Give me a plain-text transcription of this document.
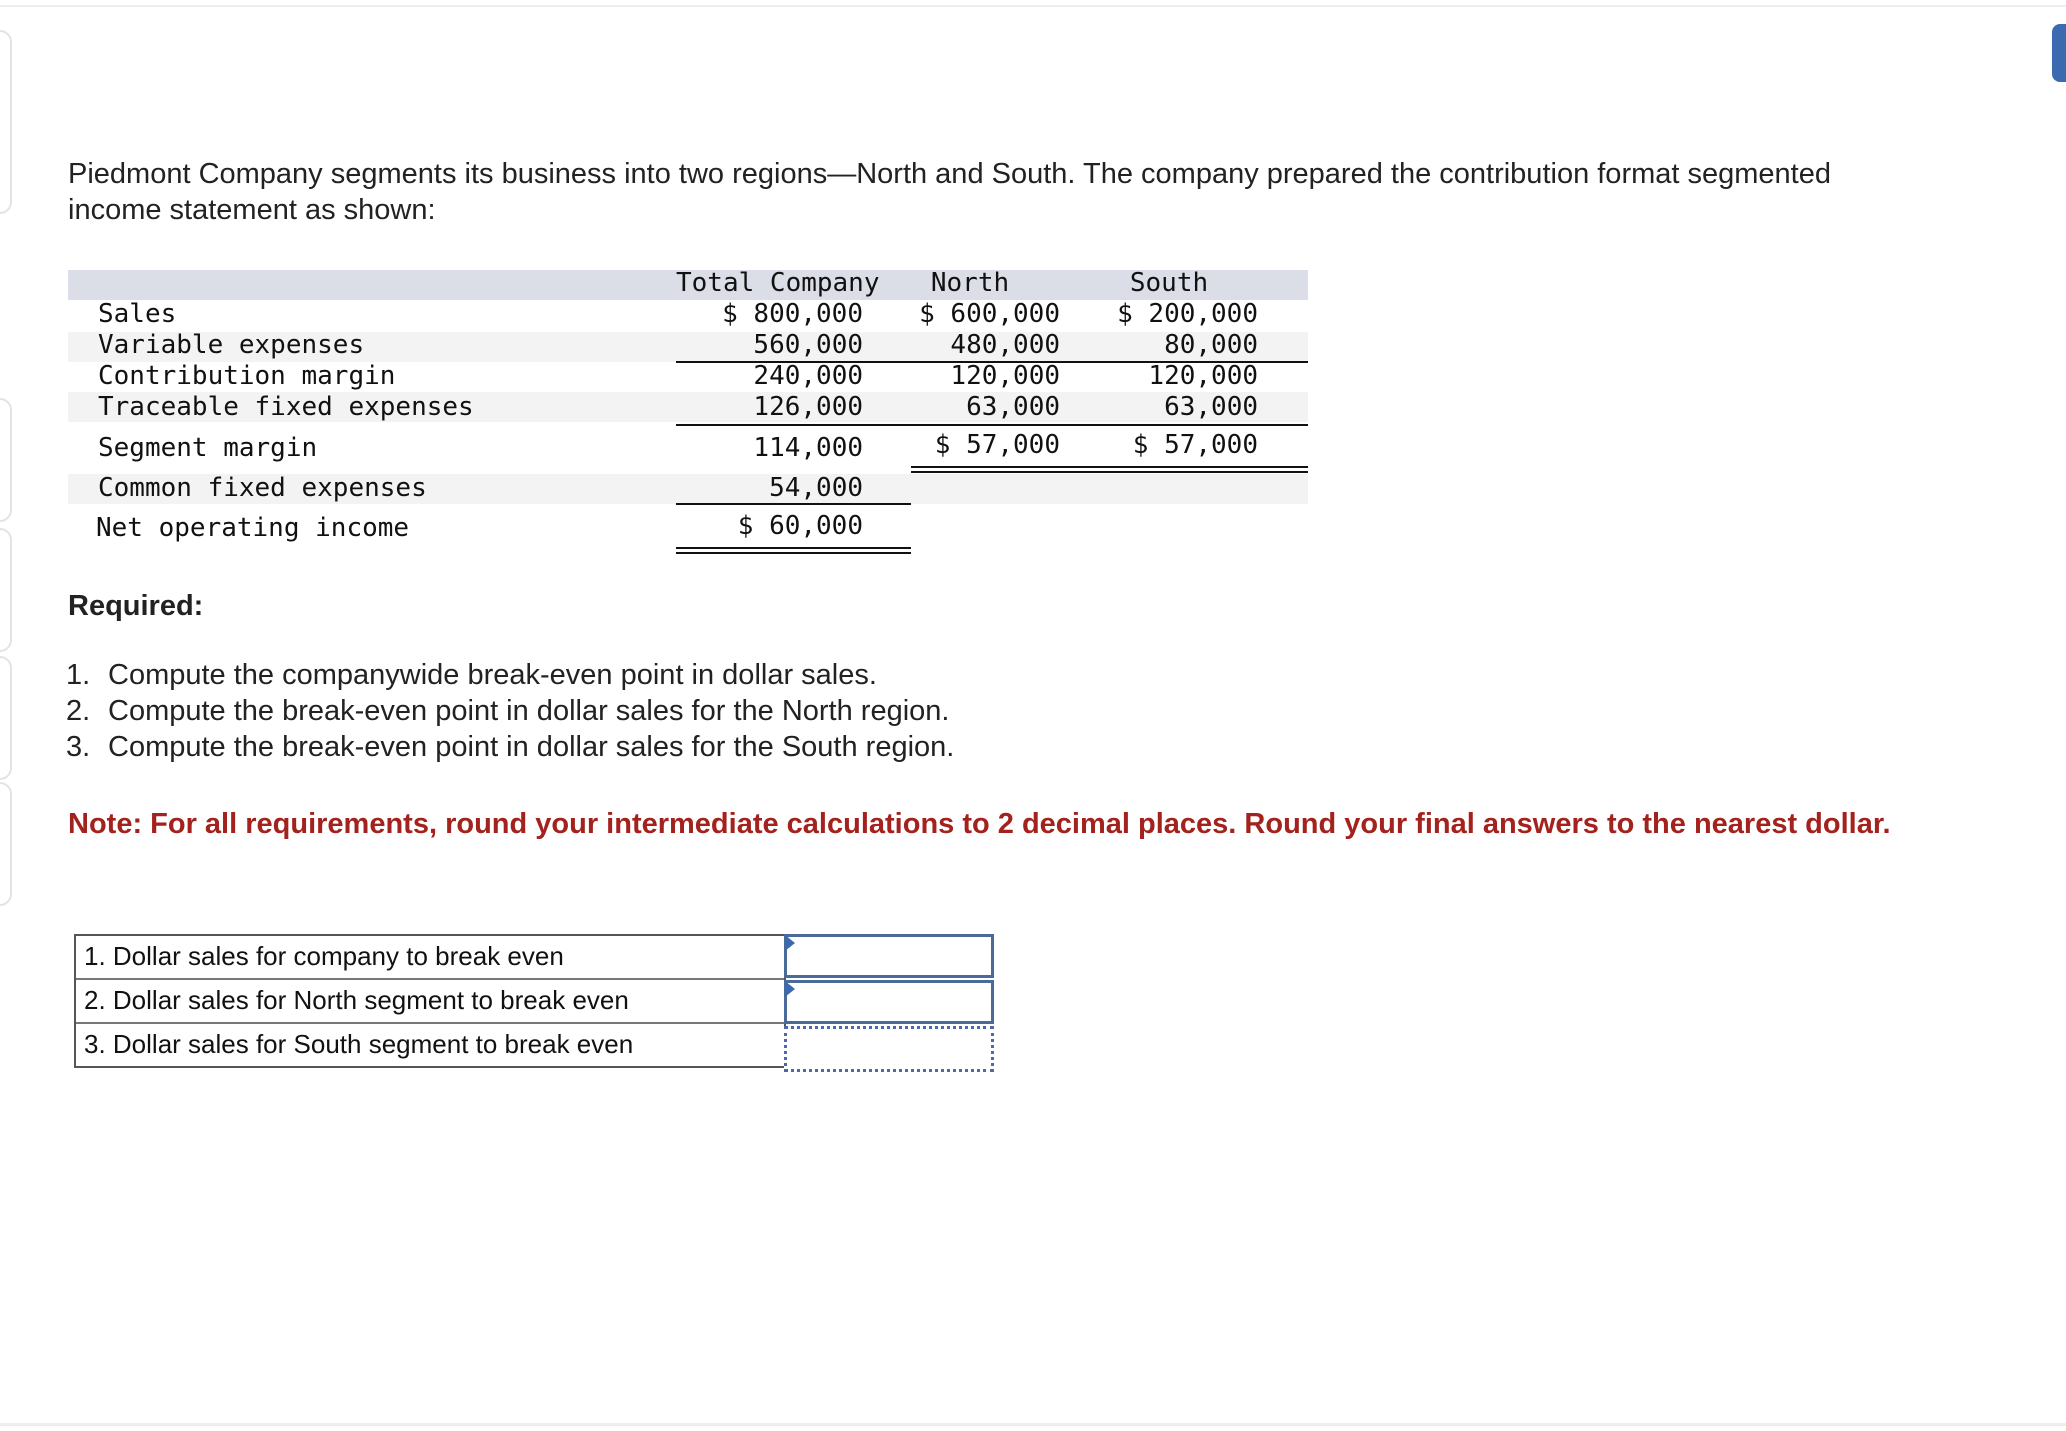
Piedmont Company segments its business into two regions—North and South. The company prepared the contribution format segmented income statement as shown:
Total Company	North	South
Sales	$ 800,000	$ 600,000	$ 200,000
Variable expenses	560,000	480,000	80,000
Contribution margin	240,000	120,000	120,000
Traceable fixed expenses	126,000	63,000	63,000
Segment margin	114,000	$ 57,000	$ 57,000
Common fixed expenses	54,000
Net operating income	$ 60,000
Required:
1. Compute the companywide break-even point in dollar sales.
2. Compute the break-even point in dollar sales for the North region.
3. Compute the break-even point in dollar sales for the South region.
Note: For all requirements, round your intermediate calculations to 2 decimal places. Round your final answers to the nearest dollar.
1. Dollar sales for company to break even
2. Dollar sales for North segment to break even
3. Dollar sales for South segment to break even
